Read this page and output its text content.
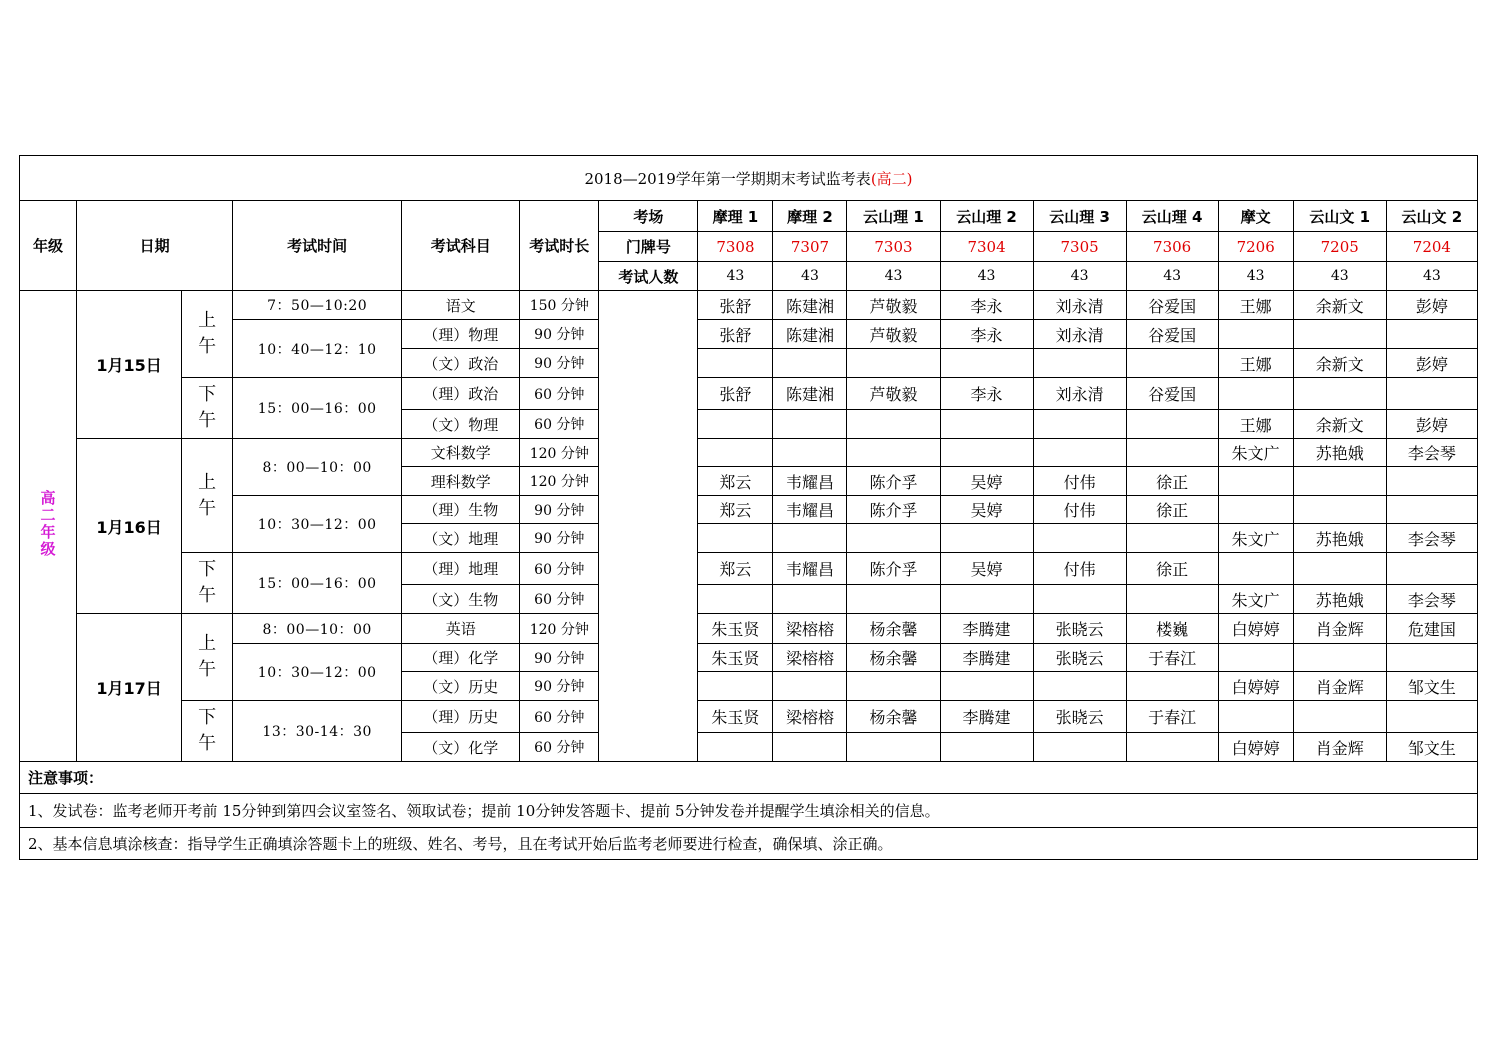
2018—2019学年第一学期期末考试监考表(高二)															
年级	日期		考试时间	考试科目	考试时长	考场	摩理 1	摩理 2	云山理 1	云山理 2	云山理 3	云山理 4	摩文	云山文 1	云山文 2
						门牌号	7308	7307	7303	7304	7305	7306	7206	7205	7204
						考试人数	43	43	43	43	43	43	43	43	43
高二年级	1月15日	上午	7：50—10:20	语文	150 分钟		张舒	陈建湘	芦敬毅	李永	刘永清	谷爱国	王娜	余新文	彭婷
			10：40—12：10	（理）物理	90 分钟		张舒	陈建湘	芦敬毅	李永	刘永清	谷爱国			
				（文）政治	90 分钟								王娜	余新文	彭婷
		下午	15：00—16：00	（理）政治	60 分钟		张舒	陈建湘	芦敬毅	李永	刘永清	谷爱国			
				（文）物理	60 分钟								王娜	余新文	彭婷
	1月16日	上午	8：00—10：00	文科数学	120 分钟								朱文广	苏艳娥	李会琴
				理科数学	120 分钟		郑云	韦耀昌	陈介孚	吴婷	付伟	徐正			
			10：30—12：00	（理）生物	90 分钟		郑云	韦耀昌	陈介孚	吴婷	付伟	徐正			
				（文）地理	90 分钟								朱文广	苏艳娥	李会琴
		下午	15：00—16：00	（理）地理	60 分钟		郑云	韦耀昌	陈介孚	吴婷	付伟	徐正			
				（文）生物	60 分钟								朱文广	苏艳娥	李会琴
	1月17日	上午	8：00—10：00	英语	120 分钟		朱玉贤	梁榕榕	杨余馨	李腾建	张晓云	楼巍	白婷婷	肖金辉	危建国
			10：30—12：00	（理）化学	90 分钟		朱玉贤	梁榕榕	杨余馨	李腾建	张晓云	于春江			
				（文）历史	90 分钟								白婷婷	肖金辉	邹文生
		下午	13：30-14：30	（理）历史	60 分钟		朱玉贤	梁榕榕	杨余馨	李腾建	张晓云	于春江			
				（文）化学	60 分钟								白婷婷	肖金辉	邹文生
注意事项：															
1、发试卷：监考老师开考前 15分钟到第四会议室签名、领取试卷；提前 10分钟发答题卡、提前 5分钟发卷并提醒学生填涂相关的信息。															
2、基本信息填涂核查：指导学生正确填涂答题卡上的班级、姓名、考号，且在考试开始后监考老师要进行检查，确保填、涂正确。															
